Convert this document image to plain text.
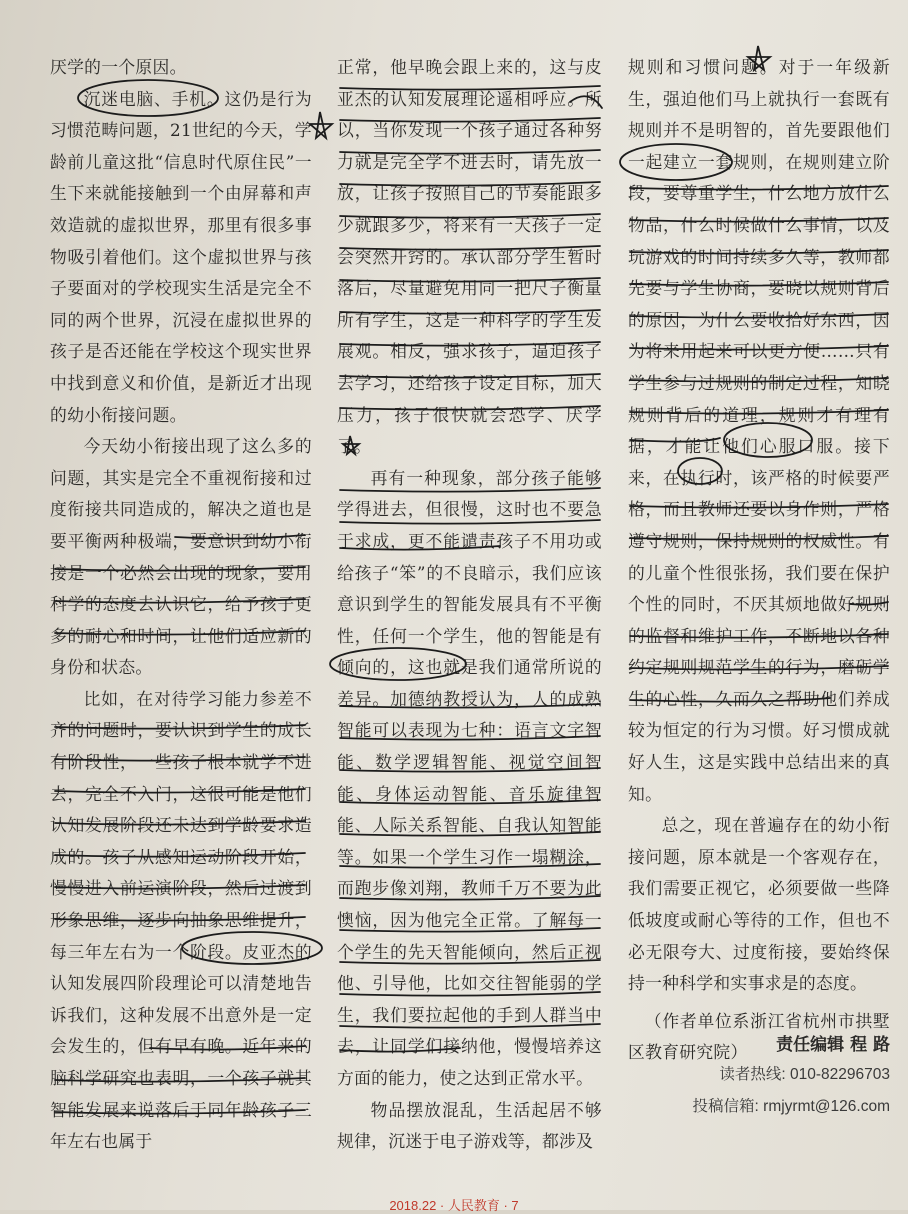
厌学的一个原因。

沉迷电脑、手机。这仍是行为习惯范畴问题，21世纪的今天，学龄前儿童这批“信息时代原住民”一生下来就能接触到一个由屏幕和声效造就的虚拟世界，那里有很多事物吸引着他们。这个虚拟世界与孩子要面对的学校现实生活是完全不同的两个世界，沉浸在虚拟世界的孩子是否还能在学校这个现实世界中找到意义和价值，是新近才出现的幼小衔接问题。

今天幼小衔接出现了这么多的问题，其实是完全不重视衔接和过度衔接共同造成的，解决之道也是要平衡两种极端，要意识到幼小衔接是一个必然会出现的现象，要用科学的态度去认识它，给予孩子更多的耐心和时间，让他们适应新的身份和状态。

比如，在对待学习能力参差不齐的问题时，要认识到学生的成长有阶段性，一些孩子根本就学不进去，完全不入门，这很可能是他们认知发展阶段还未达到学龄要求造成的。孩子从感知运动阶段开始，慢慢进入前运演阶段，然后过渡到形象思维，逐步向抽象思维提升，每三年左右为一个阶段。皮亚杰的认知发展四阶段理论可以清楚地告诉我们，这种发展不出意外是一定会发生的，但有早有晚。近年来的脑科学研究也表明，一个孩子就其智能发展来说落后于同年龄孩子三年左右也属于

正常，他早晚会跟上来的，这与皮亚杰的认知发展理论遥相呼应。所以，当你发现一个孩子通过各种努力就是完全学不进去时，请先放一放，让孩子按照自己的节奏能跟多少就跟多少，将来有一天孩子一定会突然开窍的。承认部分学生暂时落后，尽量避免用同一把尺子衡量所有学生，这是一种科学的学生发展观。相反，强求孩子，逼迫孩子去学习，还给孩子设定目标，加大压力，孩子很快就会恐学、厌学了。

再有一种现象，部分孩子能够学得进去，但很慢，这时也不要急于求成，更不能谴责孩子不用功或给孩子“笨”的不良暗示，我们应该意识到学生的智能发展具有不平衡性，任何一个学生，他的智能是有倾向的，这也就是我们通常所说的差异。加德纳教授认为，人的成熟智能可以表现为七种：语言文字智能、数学逻辑智能、视觉空间智能、身体运动智能、音乐旋律智能、人际关系智能、自我认知智能等。如果一个学生习作一塌糊涂，而跑步像刘翔，教师千万不要为此懊恼，因为他完全正常。了解每一个学生的先天智能倾向，然后正视他、引导他，比如交往智能弱的学生，我们要拉起他的手到人群当中去，让同学们接纳他，慢慢培养这方面的能力，使之达到正常水平。

物品摆放混乱，生活起居不够规律，沉迷于电子游戏等，都涉及

规则和习惯问题。对于一年级新生，强迫他们马上就执行一套既有规则并不是明智的，首先要跟他们一起建立一套规则，在规则建立阶段，要尊重学生，什么地方放什么物品，什么时候做什么事情，以及玩游戏的时间持续多久等，教师都先要与学生协商，要晓以规则背后的原因，为什么要收拾好东西，因为将来用起来可以更方便……只有学生参与过规则的制定过程，知晓规则背后的道理，规则才有理有据，才能让他们心服口服。接下来，在执行时，该严格的时候要严格，而且教师还要以身作则，严格遵守规则，保持规则的权威性。有的儿童个性很张扬，我们要在保护个性的同时，不厌其烦地做好规则的监督和维护工作，不断地以各种约定规则规范学生的行为，磨砺学生的心性，久而久之帮助他们养成较为恒定的行为习惯。好习惯成就好人生，这是实践中总结出来的真知。

总之，现在普遍存在的幼小衔接问题，原本就是一个客观存在，我们需要正视它，必须要做一些降低坡度或耐心等待的工作，但也不必无限夸大、过度衔接，要始终保持一种科学和实事求是的态度。

（作者单位系浙江省杭州市拱墅区教育研究院）	责任编辑 程 路
读者热线: 010-82296703
投稿信箱: rmjyrmt@126.com
2018.22 · 人民教育 · 7
